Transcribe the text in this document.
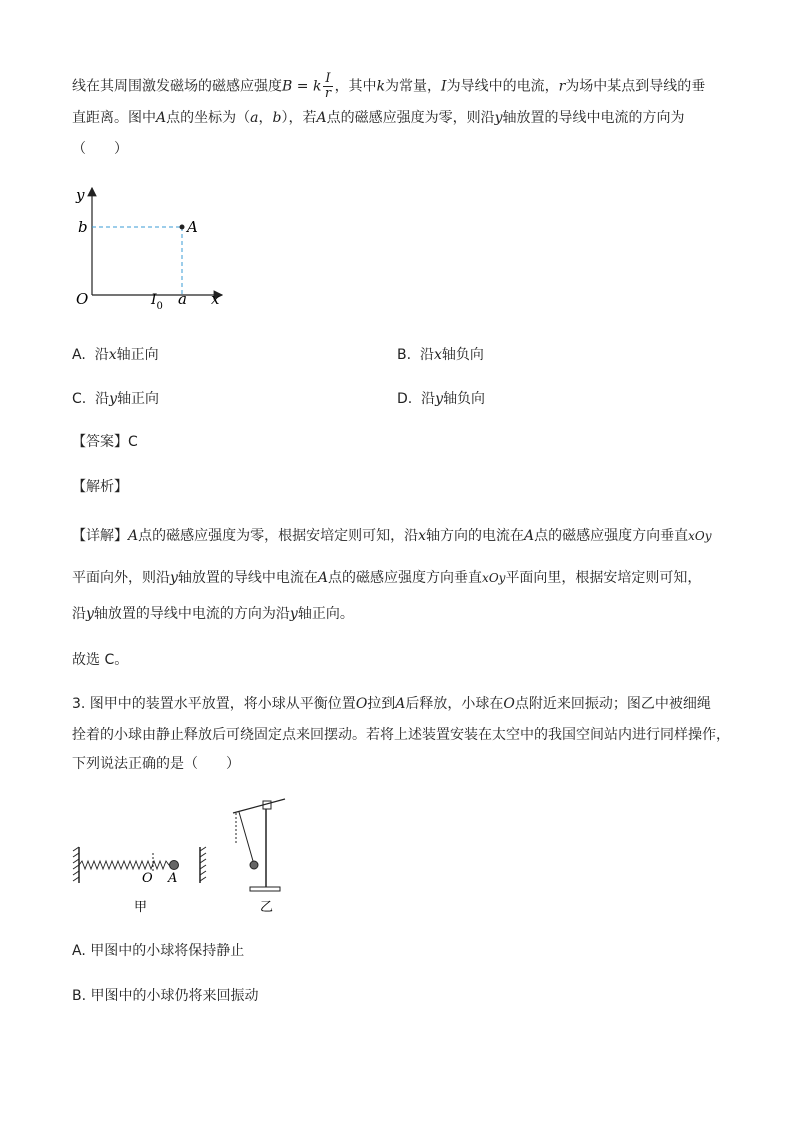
线在其周围激发磁场的磁感应强度B = k $\frac{I}{r}$ ，其中k为常量，I为导线中的电流，r为场中某点到导线的垂
直距离。图中A点的坐标为（a，b），若A点的磁感应强度为零，则沿y轴放置的导线中电流的方向为
（　　）
y
b	A
O	$I_0$ a x
A. 沿x轴正向	B. 沿x轴负向
C. 沿y轴正向	D. 沿y轴负向
【答案】C
【解析】
【详解】A点的磁感应强度为零，根据安培定则可知，沿x轴方向的电流在A点的磁感应强度方向垂直xOy
平面向外，则沿y轴放置的导线中电流在A点的磁感应强度方向垂直xOy平面向里，根据安培定则可知，
沿y轴放置的导线中电流的方向为沿y轴正向。
故选 C。
3. 图甲中的装置水平放置，将小球从平衡位置O拉到A后释放，小球在O点附近来回振动；图乙中被细绳
拴着的小球由静止释放后可绕固定点来回摆动。若将上述装置安装在太空中的我国空间站内进行同样操作，
下列说法正确的是（　　）
O A
甲	乙
A. 甲图中的小球将保持静止
B. 甲图中的小球仍将来回振动
